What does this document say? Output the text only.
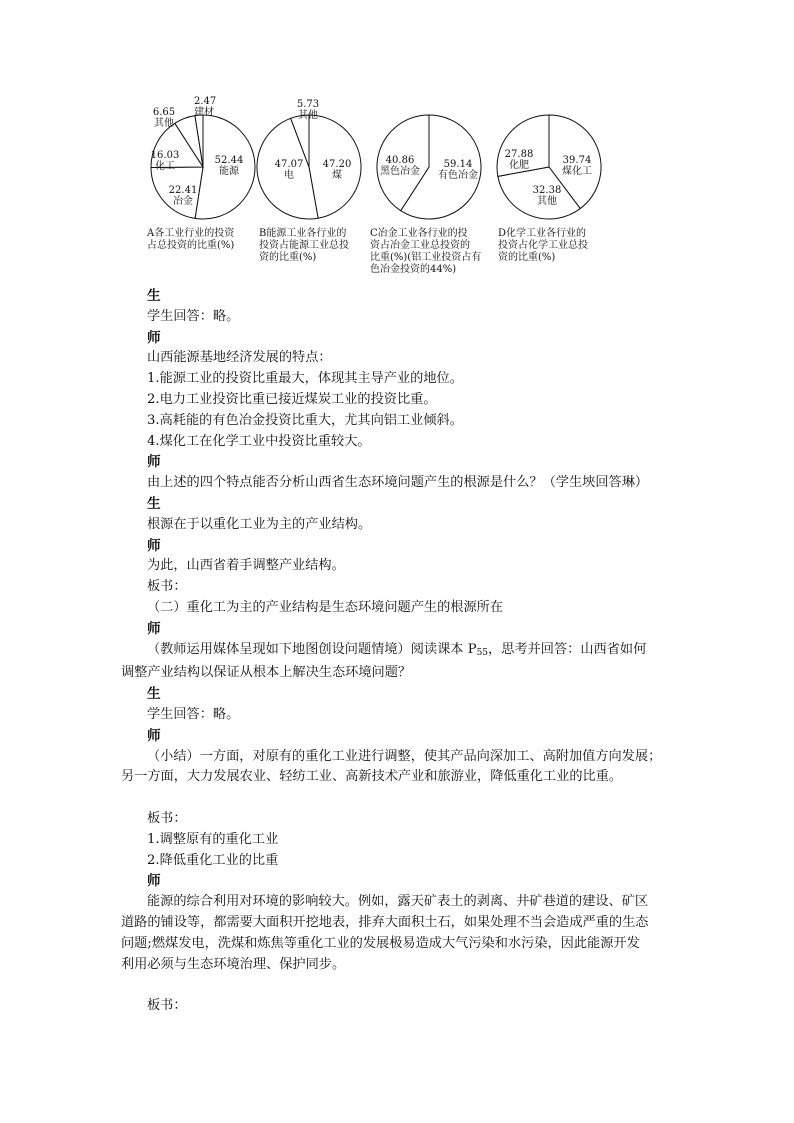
52.44
能源
22.41
冶金
16.03
化工
6.65
其他
2.47
建材
47.20
煤
47.07
电
5.73
其他
59.14
有色冶金
40.86
黑色冶金
39.74
煤化工
32.38
其他
27.88
化肥
A各工业行业的投资
占总投资的比重(%)
B能源工业各行业的
投资占能源工业总投
资的比重(%)
C冶金工业各行业的投
资占冶金工业总投资的
比重(%)(铝工业投资占有
色冶金投资的44%)
D化学工业各行业的
投资占化学工业总投
资的比重(%)

生

学生回答：略。

师

山西能源基地经济发展的特点：

1.能源工业的投资比重最大，体现其主导产业的地位。

2.电力工业投资比重已接近煤炭工业的投资比重。

3.高耗能的有色冶金投资比重大，尤其向铝工业倾斜。

4.煤化工在化学工业中投资比重较大。

师

由上述的四个特点能否分析山西省生态环境问题产生的根源是什么？（学生埉回答琳）

生

根源在于以重化工业为主的产业结构。

师

为此，山西省着手调整产业结构。

板书：

（二）重化工为主的产业结构是生态环境问题产生的根源所在

师

（教师运用媒体呈现如下地图创设问题情境）阅读课本 $P_{55}$，思考并回答：山西省如何

调整产业结构以保证从根本上解决生态环境问题？

生

学生回答：略。

师

（小结）一方面，对原有的重化工业进行调整，使其产品向深加工、高附加值方向发展；

另一方面，大力发展农业、轻纺工业、高新技术产业和旅游业，降低重化工业的比重。

板书：

1.调整原有的重化工业

2.降低重化工业的比重

师

能源的综合利用对环境的影响较大。例如，露天矿表土的剥离、井矿巷道的建设、矿区

道路的铺设等，都需要大面积开挖地表，排弃大面积土石，如果处理不当会造成严重的生态

问题;燃煤发电，洗煤和炼焦等重化工业的发展极易造成大气污染和水污染，因此能源开发

利用必须与生态环境治理、保护同步。

板书：
